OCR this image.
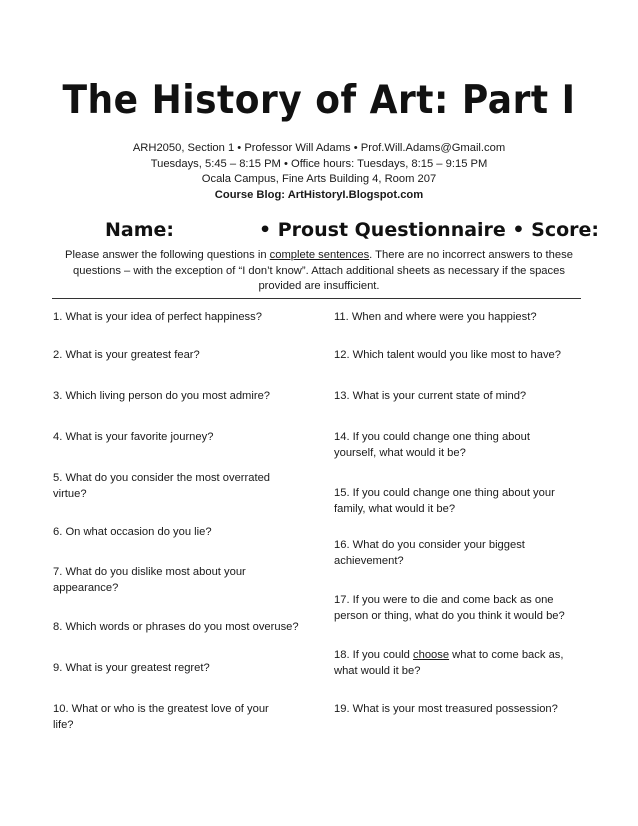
The History of Art: Part I
ARH2050, Section 1 • Professor Will Adams • Prof.Will.Adams@Gmail.com
Tuesdays, 5:45 – 8:15 PM • Office hours: Tuesdays, 8:15 – 9:15 PM
Ocala Campus, Fine Arts Building 4, Room 207
Course Blog: ArtHistoryI.Blogspot.com
Name:	• Proust Questionnaire • Score:
Please answer the following questions in complete sentences. There are no incorrect answers to these
questions – with the exception of “I don’t know”. Attach additional sheets as necessary if the spaces
provided are insufficient.
1. What is your idea of perfect happiness?
2. What is your greatest fear?
3. Which living person do you most admire?
4. What is your favorite journey?
5. What do you consider the most overrated
virtue?
6. On what occasion do you lie?
7. What do you dislike most about your
appearance?
8. Which words or phrases do you most overuse?
9. What is your greatest regret?
10. What or who is the greatest love of your
life?
11. When and where were you happiest?
12. Which talent would you like most to have?
13. What is your current state of mind?
14. If you could change one thing about
yourself, what would it be?
15. If you could change one thing about your
family, what would it be?
16. What do you consider your biggest
achievement?
17. If you were to die and come back as one
person or thing, what do you think it would be?
18. If you could choose what to come back as,
what would it be?
19. What is your most treasured possession?
